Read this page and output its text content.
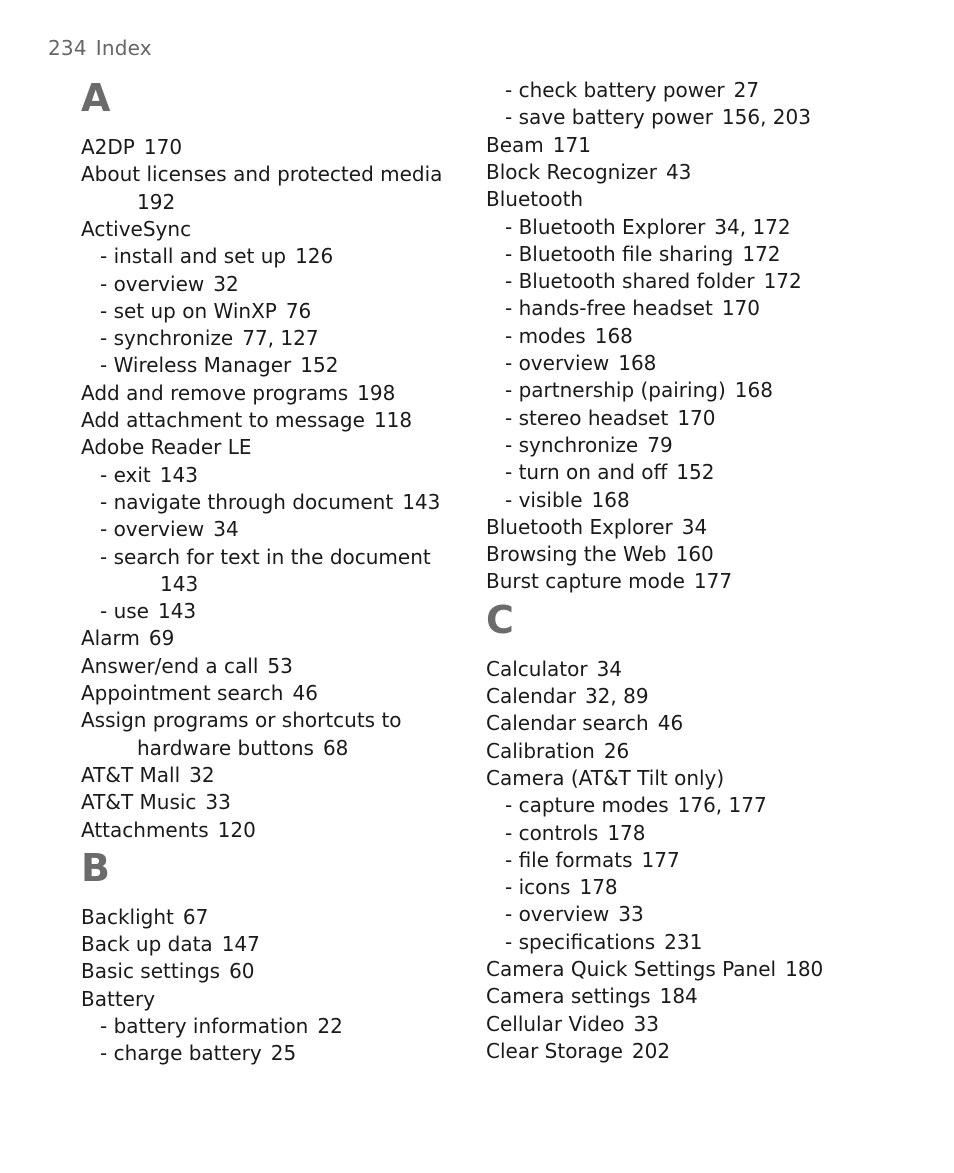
234 Index
A
A2DP 170
About licenses and protected media
192
ActiveSync
- install and set up 126
- overview 32
- set up on WinXP 76
- synchronize 77, 127
- Wireless Manager 152
Add and remove programs 198
Add attachment to message 118
Adobe Reader LE
- exit 143
- navigate through document 143
- overview 34
- search for text in the document
143
- use 143
Alarm 69
Answer/end a call 53
Appointment search 46
Assign programs or shortcuts to
hardware buttons 68
AT&T Mall 32
AT&T Music 33
Attachments 120
B
Backlight 67
Back up data 147
Basic settings 60
Battery
- battery information 22
- charge battery 25
- check battery power 27
- save battery power 156, 203
Beam 171
Block Recognizer 43
Bluetooth
- Bluetooth Explorer 34, 172
- Bluetooth file sharing 172
- Bluetooth shared folder 172
- hands-free headset 170
- modes 168
- overview 168
- partnership (pairing) 168
- stereo headset 170
- synchronize 79
- turn on and off 152
- visible 168
Bluetooth Explorer 34
Browsing the Web 160
Burst capture mode 177
C
Calculator 34
Calendar 32, 89
Calendar search 46
Calibration 26
Camera (AT&T Tilt only)
- capture modes 176, 177
- controls 178
- file formats 177
- icons 178
- overview 33
- specifications 231
Camera Quick Settings Panel 180
Camera settings 184
Cellular Video 33
Clear Storage 202
